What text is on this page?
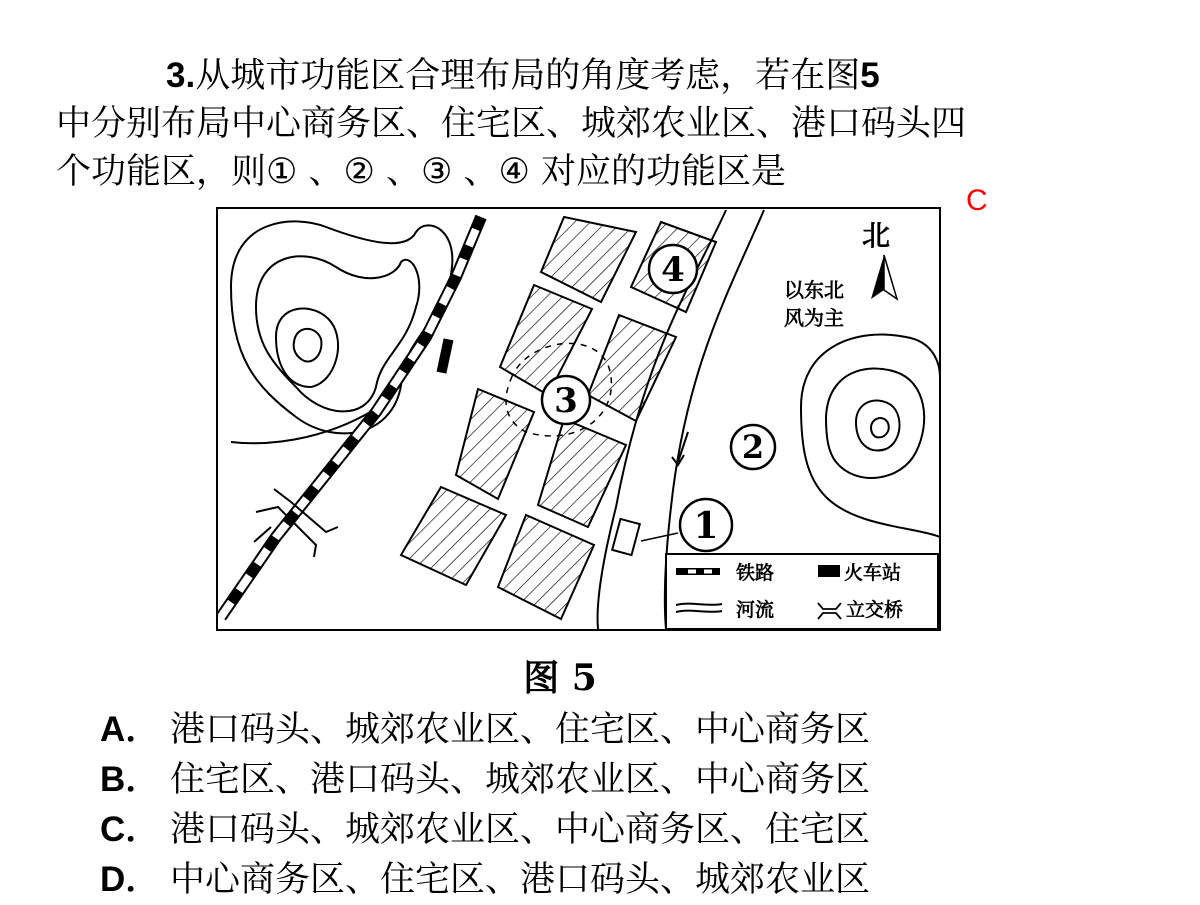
3.从城市功能区合理布局的角度考虑，若在图5
中分别布局中心商务区、住宅区、城郊农业区、港口码头四
个功能区，则① 、② 、③ 、④ 对应的功能区是
C
4
3
2
1
北
以东北
风为主
铁路	火车站
河流	立交桥
图 5
A． 港口码头、城郊农业区、住宅区、中心商务区
B． 住宅区、港口码头、城郊农业区、中心商务区
C． 港口码头、城郊农业区、中心商务区、住宅区
D． 中心商务区、住宅区、港口码头、城郊农业区
